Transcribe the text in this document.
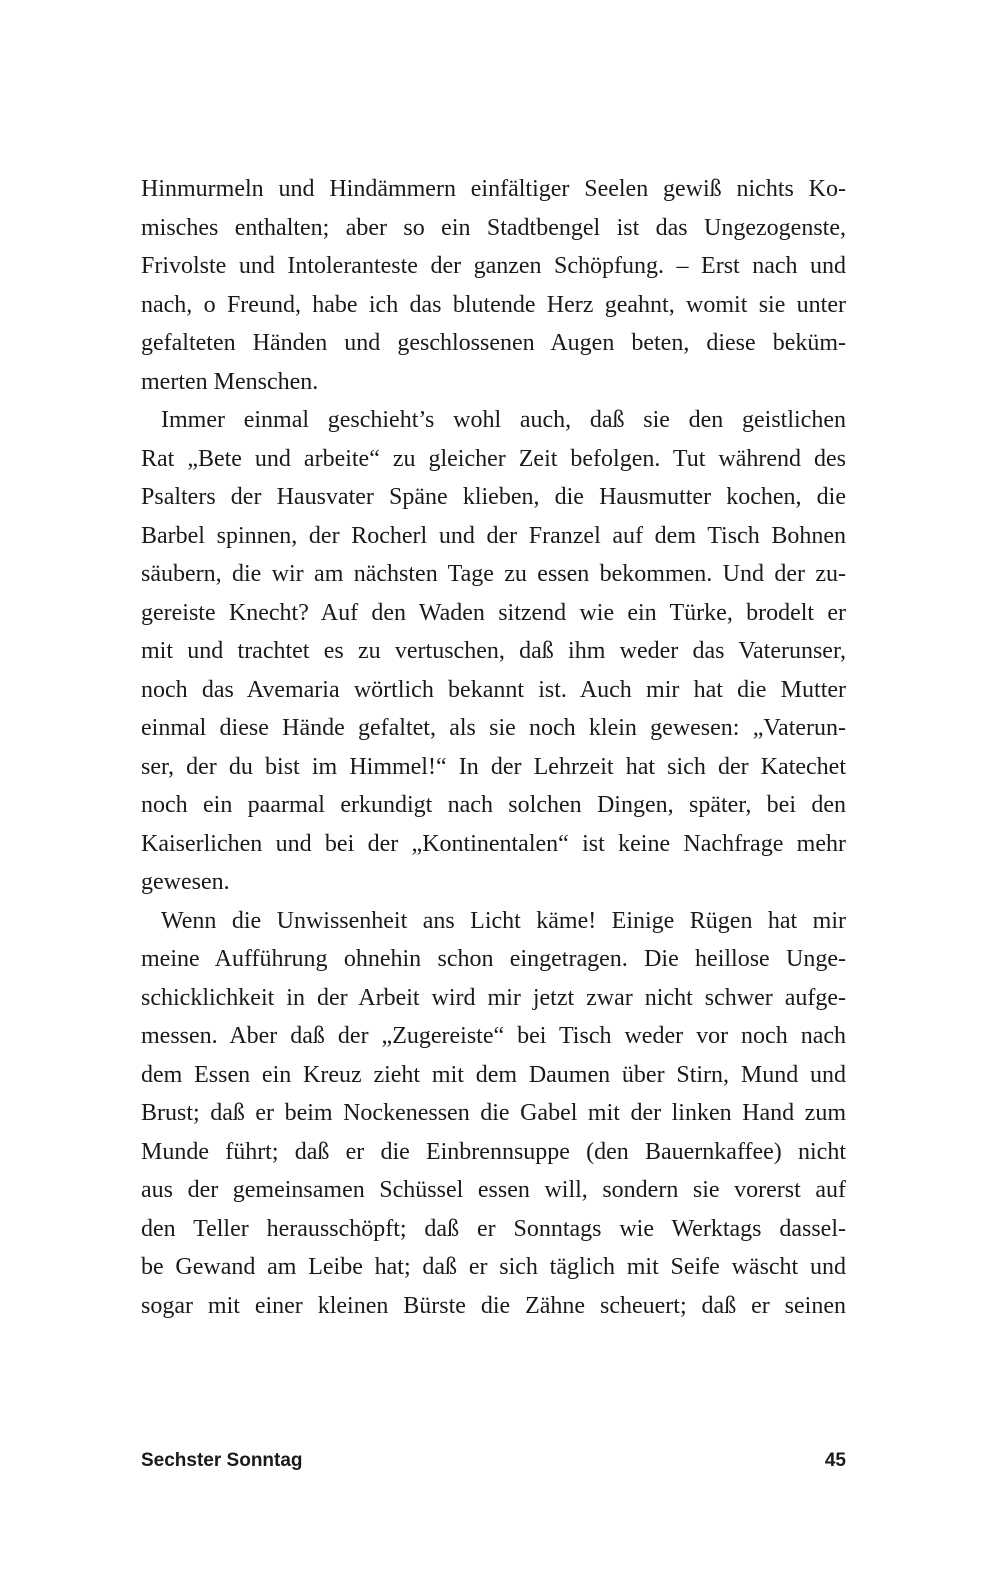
Hinmurmeln und Hindämmern einfältiger Seelen gewiß nichts Ko-
misches enthalten; aber so ein Stadtbengel ist das Ungezogenste,
Frivolste und Intoleranteste der ganzen Schöpfung. – Erst nach und
nach, o Freund, habe ich das blutende Herz geahnt, womit sie unter
gefalteten Händen und geschlossenen Augen beten, diese beküm-
merten Menschen.

Immer einmal geschieht’s wohl auch, daß sie den geistlichen
Rat „Bete und arbeite“ zu gleicher Zeit befolgen. Tut während des
Psalters der Hausvater Späne klieben, die Hausmutter kochen, die
Barbel spinnen, der Rocherl und der Franzel auf dem Tisch Bohnen
säubern, die wir am nächsten Tage zu essen bekommen. Und der zu-
gereiste Knecht? Auf den Waden sitzend wie ein Türke, brodelt er
mit und trachtet es zu vertuschen, daß ihm weder das Vaterunser,
noch das Avemaria wörtlich bekannt ist. Auch mir hat die Mutter
einmal diese Hände gefaltet, als sie noch klein gewesen: „Vaterun-
ser, der du bist im Himmel!“ In der Lehrzeit hat sich der Katechet
noch ein paarmal erkundigt nach solchen Dingen, später, bei den
Kaiserlichen und bei der „Kontinentalen“ ist keine Nachfrage mehr
gewesen.

Wenn die Unwissenheit ans Licht käme! Einige Rügen hat mir
meine Aufführung ohnehin schon eingetragen. Die heillose Unge-
schicklichkeit in der Arbeit wird mir jetzt zwar nicht schwer aufge-
messen. Aber daß der „Zugereiste“ bei Tisch weder vor noch nach
dem Essen ein Kreuz zieht mit dem Daumen über Stirn, Mund und
Brust; daß er beim Nockenessen die Gabel mit der linken Hand zum
Munde führt; daß er die Einbrennsuppe (den Bauernkaffee) nicht
aus der gemeinsamen Schüssel essen will, sondern sie vorerst auf
den Teller herausschöpft; daß er Sonntags wie Werktags dassel-
be Gewand am Leibe hat; daß er sich täglich mit Seife wäscht und
sogar mit einer kleinen Bürste die Zähne scheuert; daß er seinen

Sechster Sonntag	45
